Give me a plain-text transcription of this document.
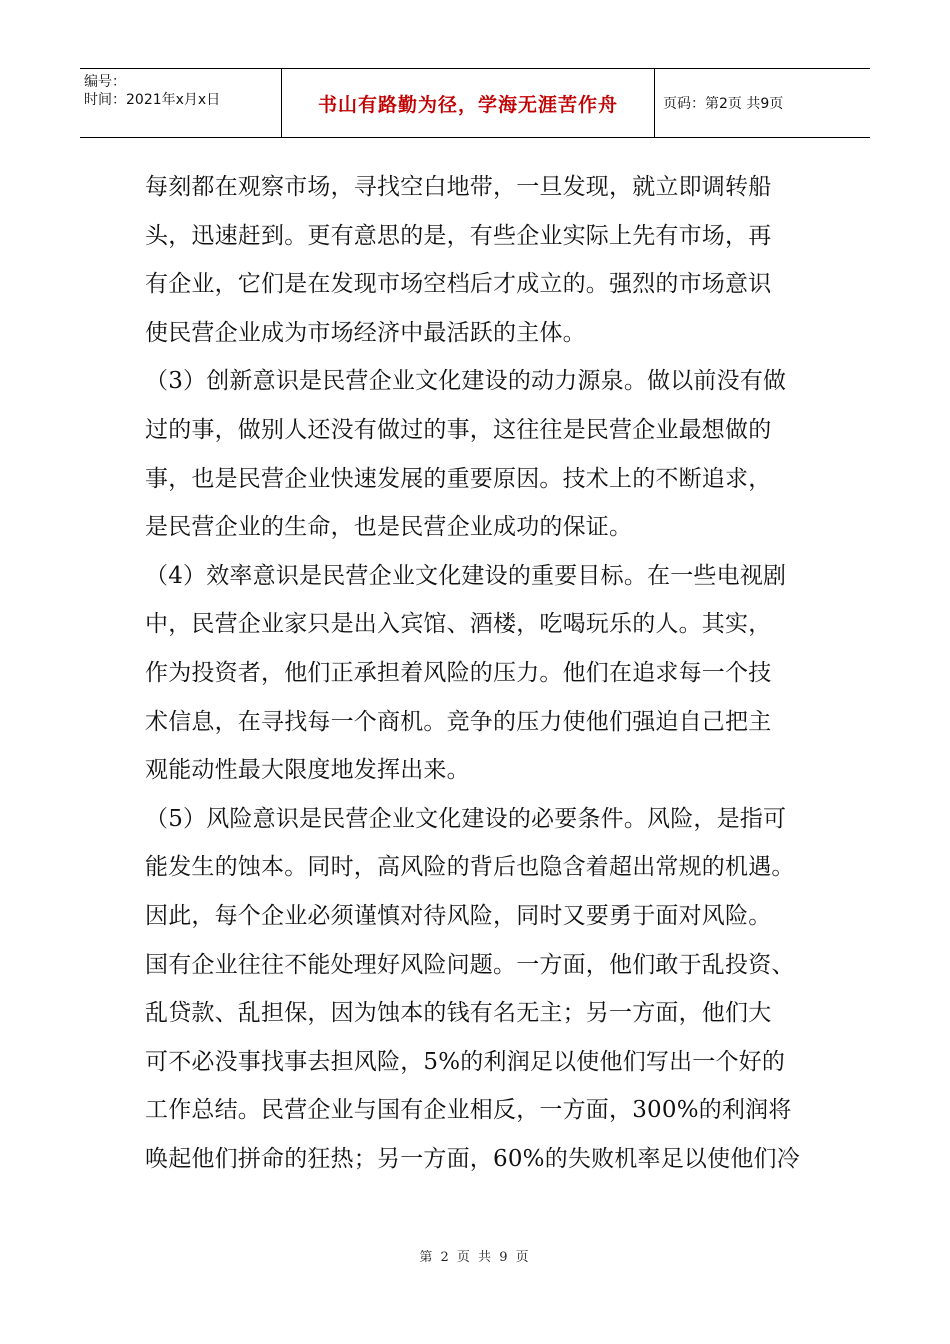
编号：
时间：2021年x月x日	书山有路勤为径，学海无涯苦作舟	页码：第2页 共9页

每刻都在观察市场，寻找空白地带，一旦发现，就立即调转船

头，迅速赶到。更有意思的是，有些企业实际上先有市场，再

有企业，它们是在发现市场空档后才成立的。强烈的市场意识

使民营企业成为市场经济中最活跃的主体。

（3）创新意识是民营企业文化建设的动力源泉。做以前没有做

过的事，做别人还没有做过的事，这往往是民营企业最想做的

事，也是民营企业快速发展的重要原因。技术上的不断追求，

是民营企业的生命，也是民营企业成功的保证。

（4）效率意识是民营企业文化建设的重要目标。在一些电视剧

中，民营企业家只是出入宾馆、酒楼，吃喝玩乐的人。其实，

作为投资者，他们正承担着风险的压力。他们在追求每一个技

术信息，在寻找每一个商机。竞争的压力使他们强迫自己把主

观能动性最大限度地发挥出来。

（5）风险意识是民营企业文化建设的必要条件。风险，是指可

能发生的蚀本。同时，高风险的背后也隐含着超出常规的机遇。

因此，每个企业必须谨慎对待风险，同时又要勇于面对风险。

国有企业往往不能处理好风险问题。一方面，他们敢于乱投资、

乱贷款、乱担保，因为蚀本的钱有名无主；另一方面，他们大

可不必没事找事去担风险，5%的利润足以使他们写出一个好的

工作总结。民营企业与国有企业相反，一方面，300%的利润将

唤起他们拼命的狂热；另一方面，60%的失败机率足以使他们冷

第 2 页 共 9 页
